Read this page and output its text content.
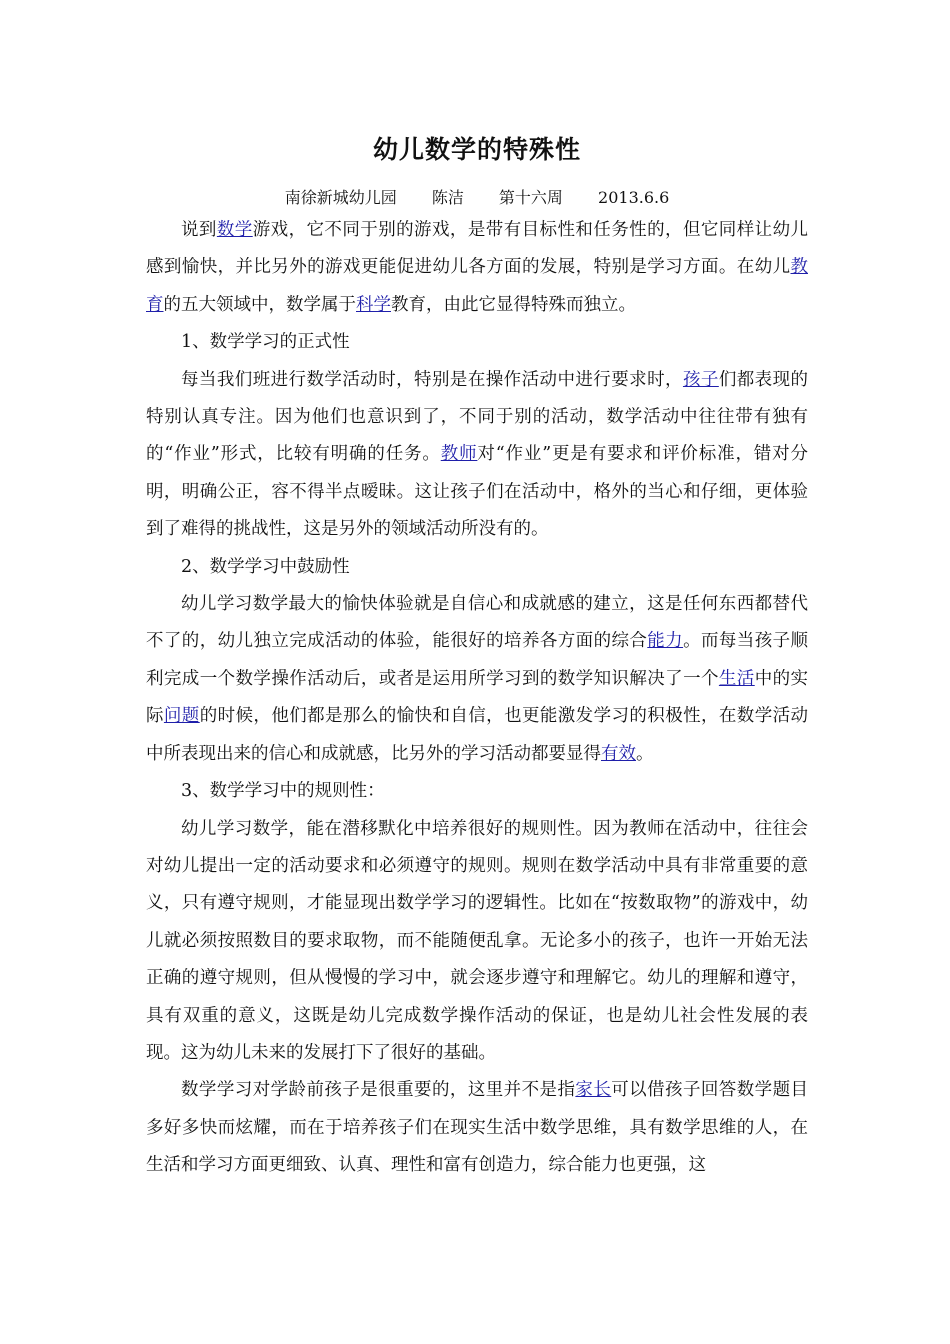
幼儿数学的特殊性
南徐新城幼儿园 陈洁 第十六周 2013.6.6

说到数学游戏，它不同于别的游戏，是带有目标性和任务性的，但它同样让幼儿感到愉快，并比另外的游戏更能促进幼儿各方面的发展，特别是学习方面。在幼儿教育的五大领域中，数学属于科学教育，由此它显得特殊而独立。

1、数学学习的正式性

每当我们班进行数学活动时，特别是在操作活动中进行要求时，孩子们都表现的特别认真专注。因为他们也意识到了，不同于别的活动，数学活动中往往带有独有的“作业”形式，比较有明确的任务。教师对“作业”更是有要求和评价标准，错对分明，明确公正，容不得半点暧昧。这让孩子们在活动中，格外的当心和仔细，更体验到了难得的挑战性，这是另外的领域活动所没有的。

2、数学学习中鼓励性

幼儿学习数学最大的愉快体验就是自信心和成就感的建立，这是任何东西都替代不了的，幼儿独立完成活动的体验，能很好的培养各方面的综合能力。而每当孩子顺利完成一个数学操作活动后，或者是运用所学习到的数学知识解决了一个生活中的实际问题的时候，他们都是那么的愉快和自信，也更能激发学习的积极性，在数学活动中所表现出来的信心和成就感，比另外的学习活动都要显得有效。

3、数学学习中的规则性：

幼儿学习数学，能在潜移默化中培养很好的规则性。因为教师在活动中，往往会对幼儿提出一定的活动要求和必须遵守的规则。规则在数学活动中具有非常重要的意义，只有遵守规则，才能显现出数学学习的逻辑性。比如在“按数取物”的游戏中，幼儿就必须按照数目的要求取物，而不能随便乱拿。无论多小的孩子，也许一开始无法正确的遵守规则，但从慢慢的学习中，就会逐步遵守和理解它。幼儿的理解和遵守，具有双重的意义，这既是幼儿完成数学操作活动的保证，也是幼儿社会性发展的表现。这为幼儿未来的发展打下了很好的基础。

数学学习对学龄前孩子是很重要的，这里并不是指家长可以借孩子回答数学题目多好多快而炫耀，而在于培养孩子们在现实生活中数学思维，具有数学思维的人，在生活和学习方面更细致、认真、理性和富有创造力，综合能力也更强，这
